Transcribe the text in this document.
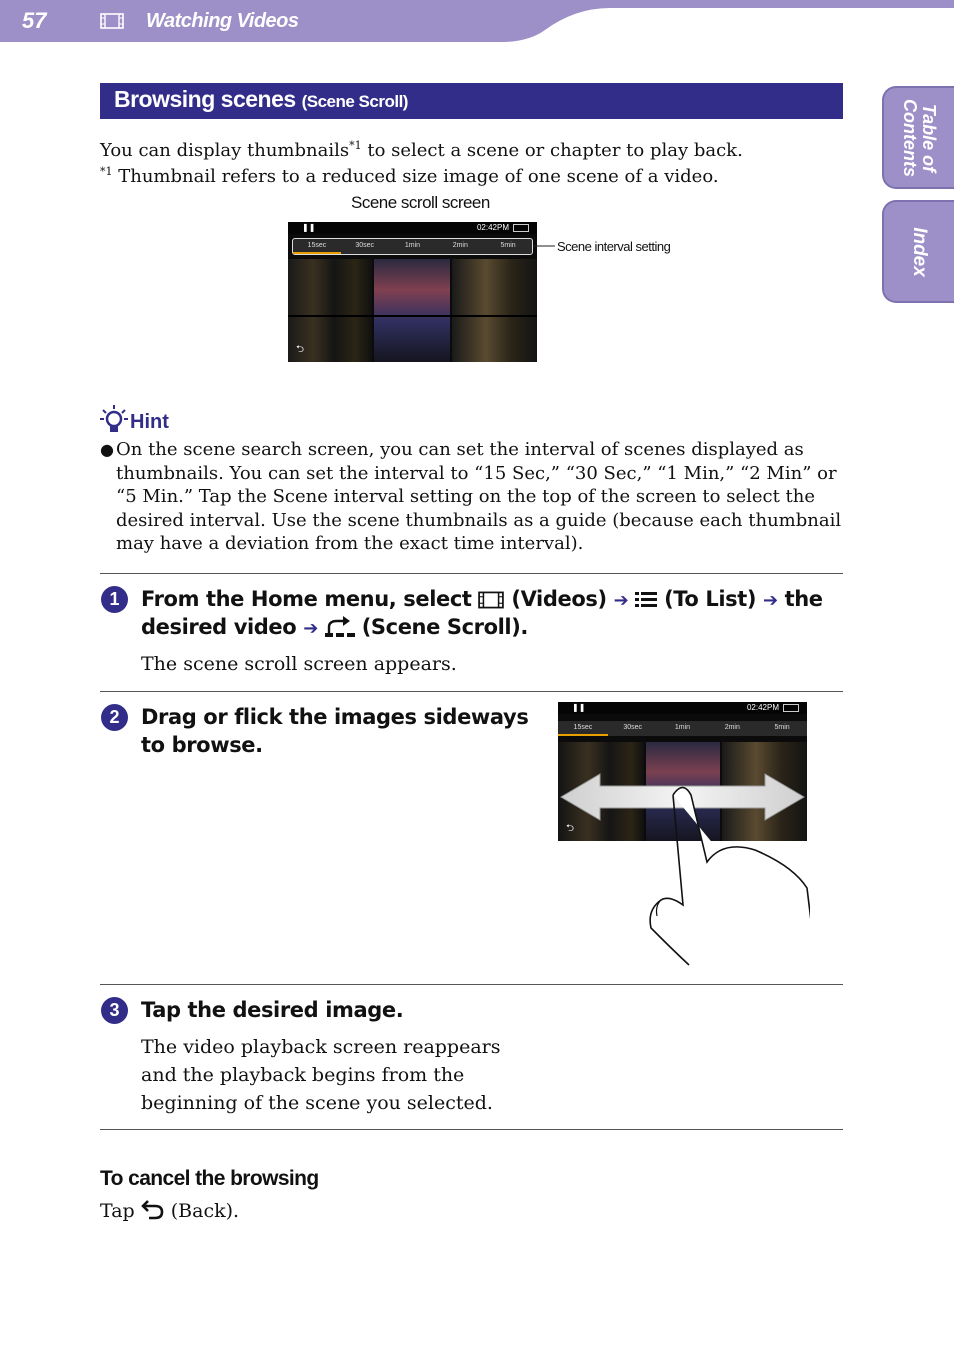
57	Watching Videos
Table of Contents
Index
Browsing scenes (Scene Scroll)
You can display thumbnails$^{*1}$ to select a scene or chapter to play back.
$^{*1}$ Thumbnail refers to a reduced size image of one scene of a video.
Scene scroll screen
❚❚	02:42PM
15sec	30sec	1min	2min	5min
⮌
Scene interval setting
Hint
● On the scene search screen, you can set the interval of scenes displayed as thumbnails. You can set the interval to “15 Sec,” “30 Sec,” “1 Min,” “2 Min” or “5 Min.” Tap the Scene interval setting on the top of the screen to select the desired interval. Use the scene thumbnails as a guide (because each thumbnail may have a deviation from the exact time interval).
1	From the Home menu, select  (Videos) ➔  (To List) ➔ the
desired video ➔  (Scene Scroll).
The scene scroll screen appears.
2	Drag or flick the images sideways
to browse.
❚❚	02:42PM
15sec	30sec	1min	2min	5min
⮌
3	Tap the desired image.
The video playback screen reappears
and the playback begins from the
beginning of the scene you selected.
To cancel the browsing
Tap  (Back).
